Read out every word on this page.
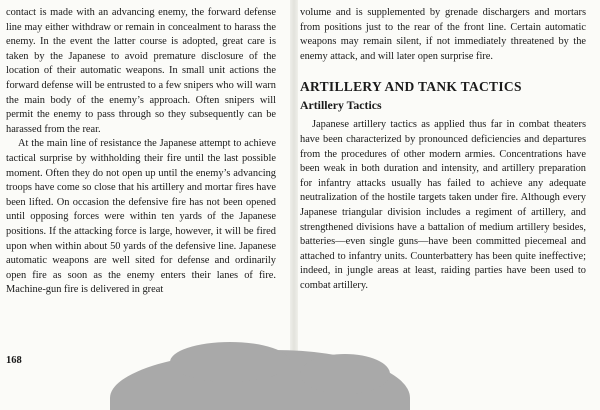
contact is made with an advancing enemy, the forward defense line may either withdraw or remain in concealment to harass the enemy. In the event the latter course is adopted, great care is taken by the Japanese to avoid premature disclosure of the location of their automatic weapons. In small unit actions the forward defense will be entrusted to a few snipers who will warn the main body of the enemy’s approach. Often snipers will permit the enemy to pass through so they subsequently can be harassed from the rear.

At the main line of resistance the Japanese attempt to achieve tactical surprise by withholding their fire until the last possible moment. Often they do not open up until the enemy’s advancing troops have come so close that his artillery and mortar fires have been lifted. On occasion the defensive fire has not been opened until opposing forces were within ten yards of the Japanese positions. If the attacking force is large, however, it will be fired upon when within about 50 yards of the defensive line. Japanese automatic weapons are well sited for defense and ordinarily open fire as soon as the enemy enters their lanes of fire. Machine-gun fire is delivered in great

168

volume and is supplemented by grenade dischargers and mortars from positions just to the rear of the front line. Certain automatic weapons may remain silent, if not immediately threatened by the enemy attack, and will later open surprise fire.

ARTILLERY AND TANK TACTICS
Artillery Tactics

Japanese artillery tactics as applied thus far in combat theaters have been characterized by pronounced deficiencies and departures from the procedures of other modern armies. Concentrations have been weak in both duration and intensity, and artillery preparation for infantry attacks usually has failed to achieve any adequate neutralization of the hostile targets taken under fire. Although every Japanese triangular division includes a regiment of artillery, and strengthened divisions have a battalion of medium artillery besides, batteries—even single guns—have been committed piecemeal and attached to infantry units. Counterbattery has been quite ineffective; indeed, in jungle areas at least, raiding parties have been used to combat artillery.
